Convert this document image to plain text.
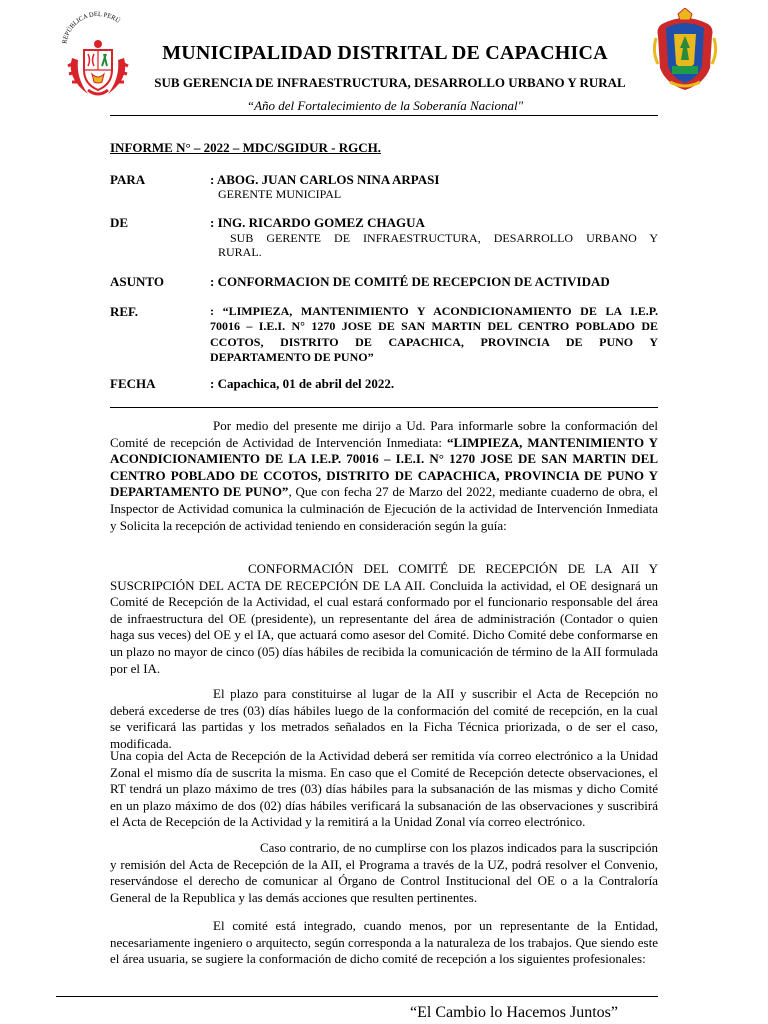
REPÚBLICA DEL PERÚ
MUNICIPALIDAD DISTRITAL DE CAPACHICA
SUB GERENCIA DE INFRAESTRUCTURA, DESARROLLO URBANO Y RURAL
“Año del Fortalecimiento de la Soberanía Nacional"
INFORME N° – 2022 – MDC/SGIDUR - RGCH.
PARA	: ABOG. JUAN CARLOS NINA ARPASI
GERENTE MUNICIPAL
DE	: ING. RICARDO GOMEZ CHAGUA
SUB GERENTE DE INFRAESTRUCTURA, DESARROLLO URBANO Y
RURAL.
ASUNTO	: CONFORMACION DE COMITÉ DE RECEPCION DE ACTIVIDAD
REF.	: “LIMPIEZA, MANTENIMIENTO Y ACONDICIONAMIENTO DE LA I.E.P.
70016 – I.E.I. N° 1270 JOSE DE SAN MARTIN DEL CENTRO POBLADO DE CCOTOS, DISTRITO DE CAPACHICA, PROVINCIA DE PUNO Y DEPARTAMENTO DE PUNO”
FECHA	: Capachica, 01 de abril del 2022.
Por medio del presente me dirijo a Ud. Para informarle sobre la conformación del Comité de recepción de Actividad de Intervención Inmediata: “LIMPIEZA, MANTENIMIENTO Y ACONDICIONAMIENTO DE LA I.E.P. 70016 – I.E.I. N° 1270 JOSE DE SAN MARTIN DEL CENTRO POBLADO DE CCOTOS, DISTRITO DE CAPACHICA, PROVINCIA DE PUNO Y DEPARTAMENTO DE PUNO”, Que con fecha 27 de Marzo del 2022, mediante cuaderno de obra, el Inspector de Actividad comunica la culminación de Ejecución de la actividad de Intervención Inmediata y Solicita la recepción de actividad teniendo en consideración según la guía:
CONFORMACIÓN DEL COMITÉ DE RECEPCIÓN DE LA AII Y SUSCRIPCIÓN DEL ACTA DE RECEPCIÓN DE LA AII. Concluida la actividad, el OE designará un Comité de Recepción de la Actividad, el cual estará conformado por el funcionario responsable del área de infraestructura del OE (presidente), un representante del área de administración (Contador o quien haga sus veces) del OE y el IA, que actuará como asesor del Comité. Dicho Comité debe conformarse en un plazo no mayor de cinco (05) días hábiles de recibida la comunicación de término de la AII formulada por el IA.
El plazo para constituirse al lugar de la AII y suscribir el Acta de Recepción no deberá excederse de tres (03) días hábiles luego de la conformación del comité de recepción, en la cual se verificará las partidas y los metrados señalados en la Ficha Técnica priorizada, o de ser el caso, modificada.
Una copia del Acta de Recepción de la Actividad deberá ser remitida vía correo electrónico a la Unidad Zonal el mismo día de suscrita la misma. En caso que el Comité de Recepción detecte observaciones, el RT tendrá un plazo máximo de tres (03) días hábiles para la subsanación de las mismas y dicho Comité en un plazo máximo de dos (02) días hábiles verificará la subsanación de las observaciones y suscribirá el Acta de Recepción de la Actividad y la remitirá a la Unidad Zonal vía correo electrónico.
Caso contrario, de no cumplirse con los plazos indicados para la suscripción y remisión del Acta de Recepción de la AII, el Programa a través de la UZ, podrá resolver el Convenio, reservándose el derecho de comunicar al Órgano de Control Institucional del OE o a la Contraloría General de la Republica y las demás acciones que resulten pertinentes.
El comité está integrado, cuando menos, por un representante de la Entidad, necesariamente ingeniero o arquitecto, según corresponda a la naturaleza de los trabajos. Que siendo este el área usuaria, se sugiere la conformación de dicho comité de recepción a los siguientes profesionales:
“El Cambio lo Hacemos Juntos”
